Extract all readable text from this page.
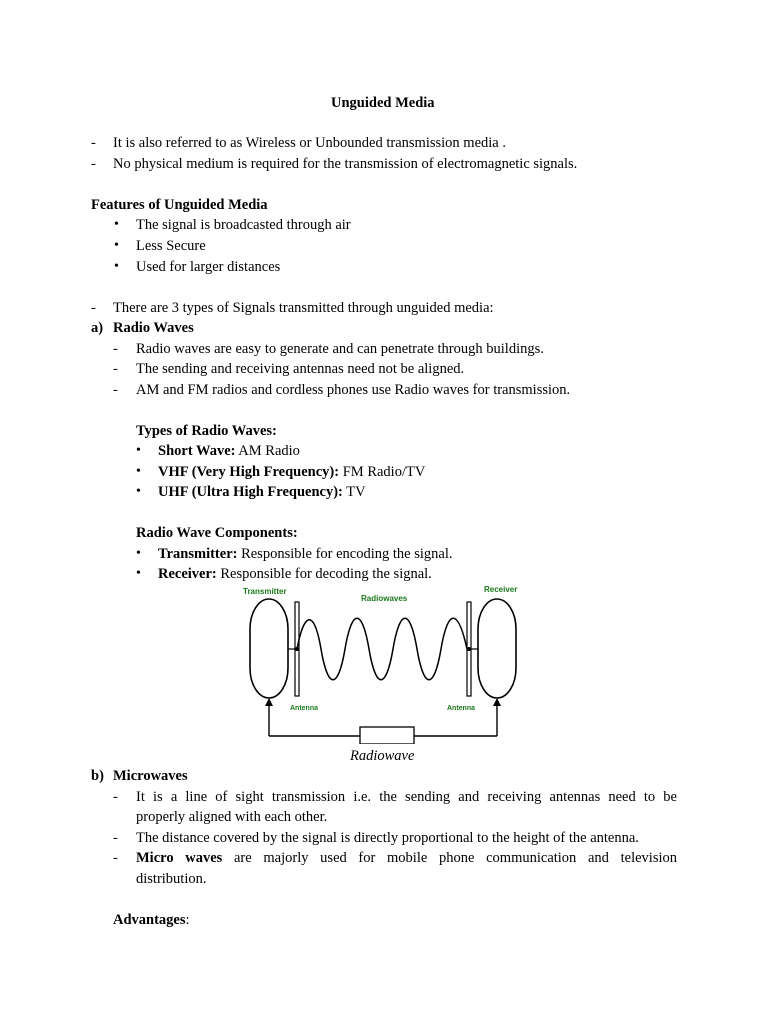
Unguided Media
- It is also referred to as Wireless or Unbounded transmission media .
- No physical medium is required for the transmission of electromagnetic signals.
Features of Unguided Media
• The signal is broadcasted through air
• Less Secure
• Used for larger distances
- There are 3 types of Signals transmitted through unguided media:
a) Radio Waves
- Radio waves are easy to generate and can penetrate through buildings.
- The sending and receiving antennas need not be aligned.
- AM and FM radios and cordless phones use Radio waves for transmission.
Types of Radio Waves:
• Short Wave: AM Radio
• VHF (Very High Frequency): FM Radio/TV
• UHF (Ultra High Frequency): TV
Radio Wave Components:
• Transmitter: Responsible for encoding the signal.
• Receiver: Responsible for decoding the signal.
Transmitter
Radiowaves
Receiver
Antenna	Antenna
Radiowave
b) Microwaves
- It is a line of sight transmission i.e. the sending and receiving antennas need to be
properly aligned with each other.
- The distance covered by the signal is directly proportional to the height of the antenna.
- Micro waves are majorly used for mobile phone communication and television
distribution.
Advantages:
